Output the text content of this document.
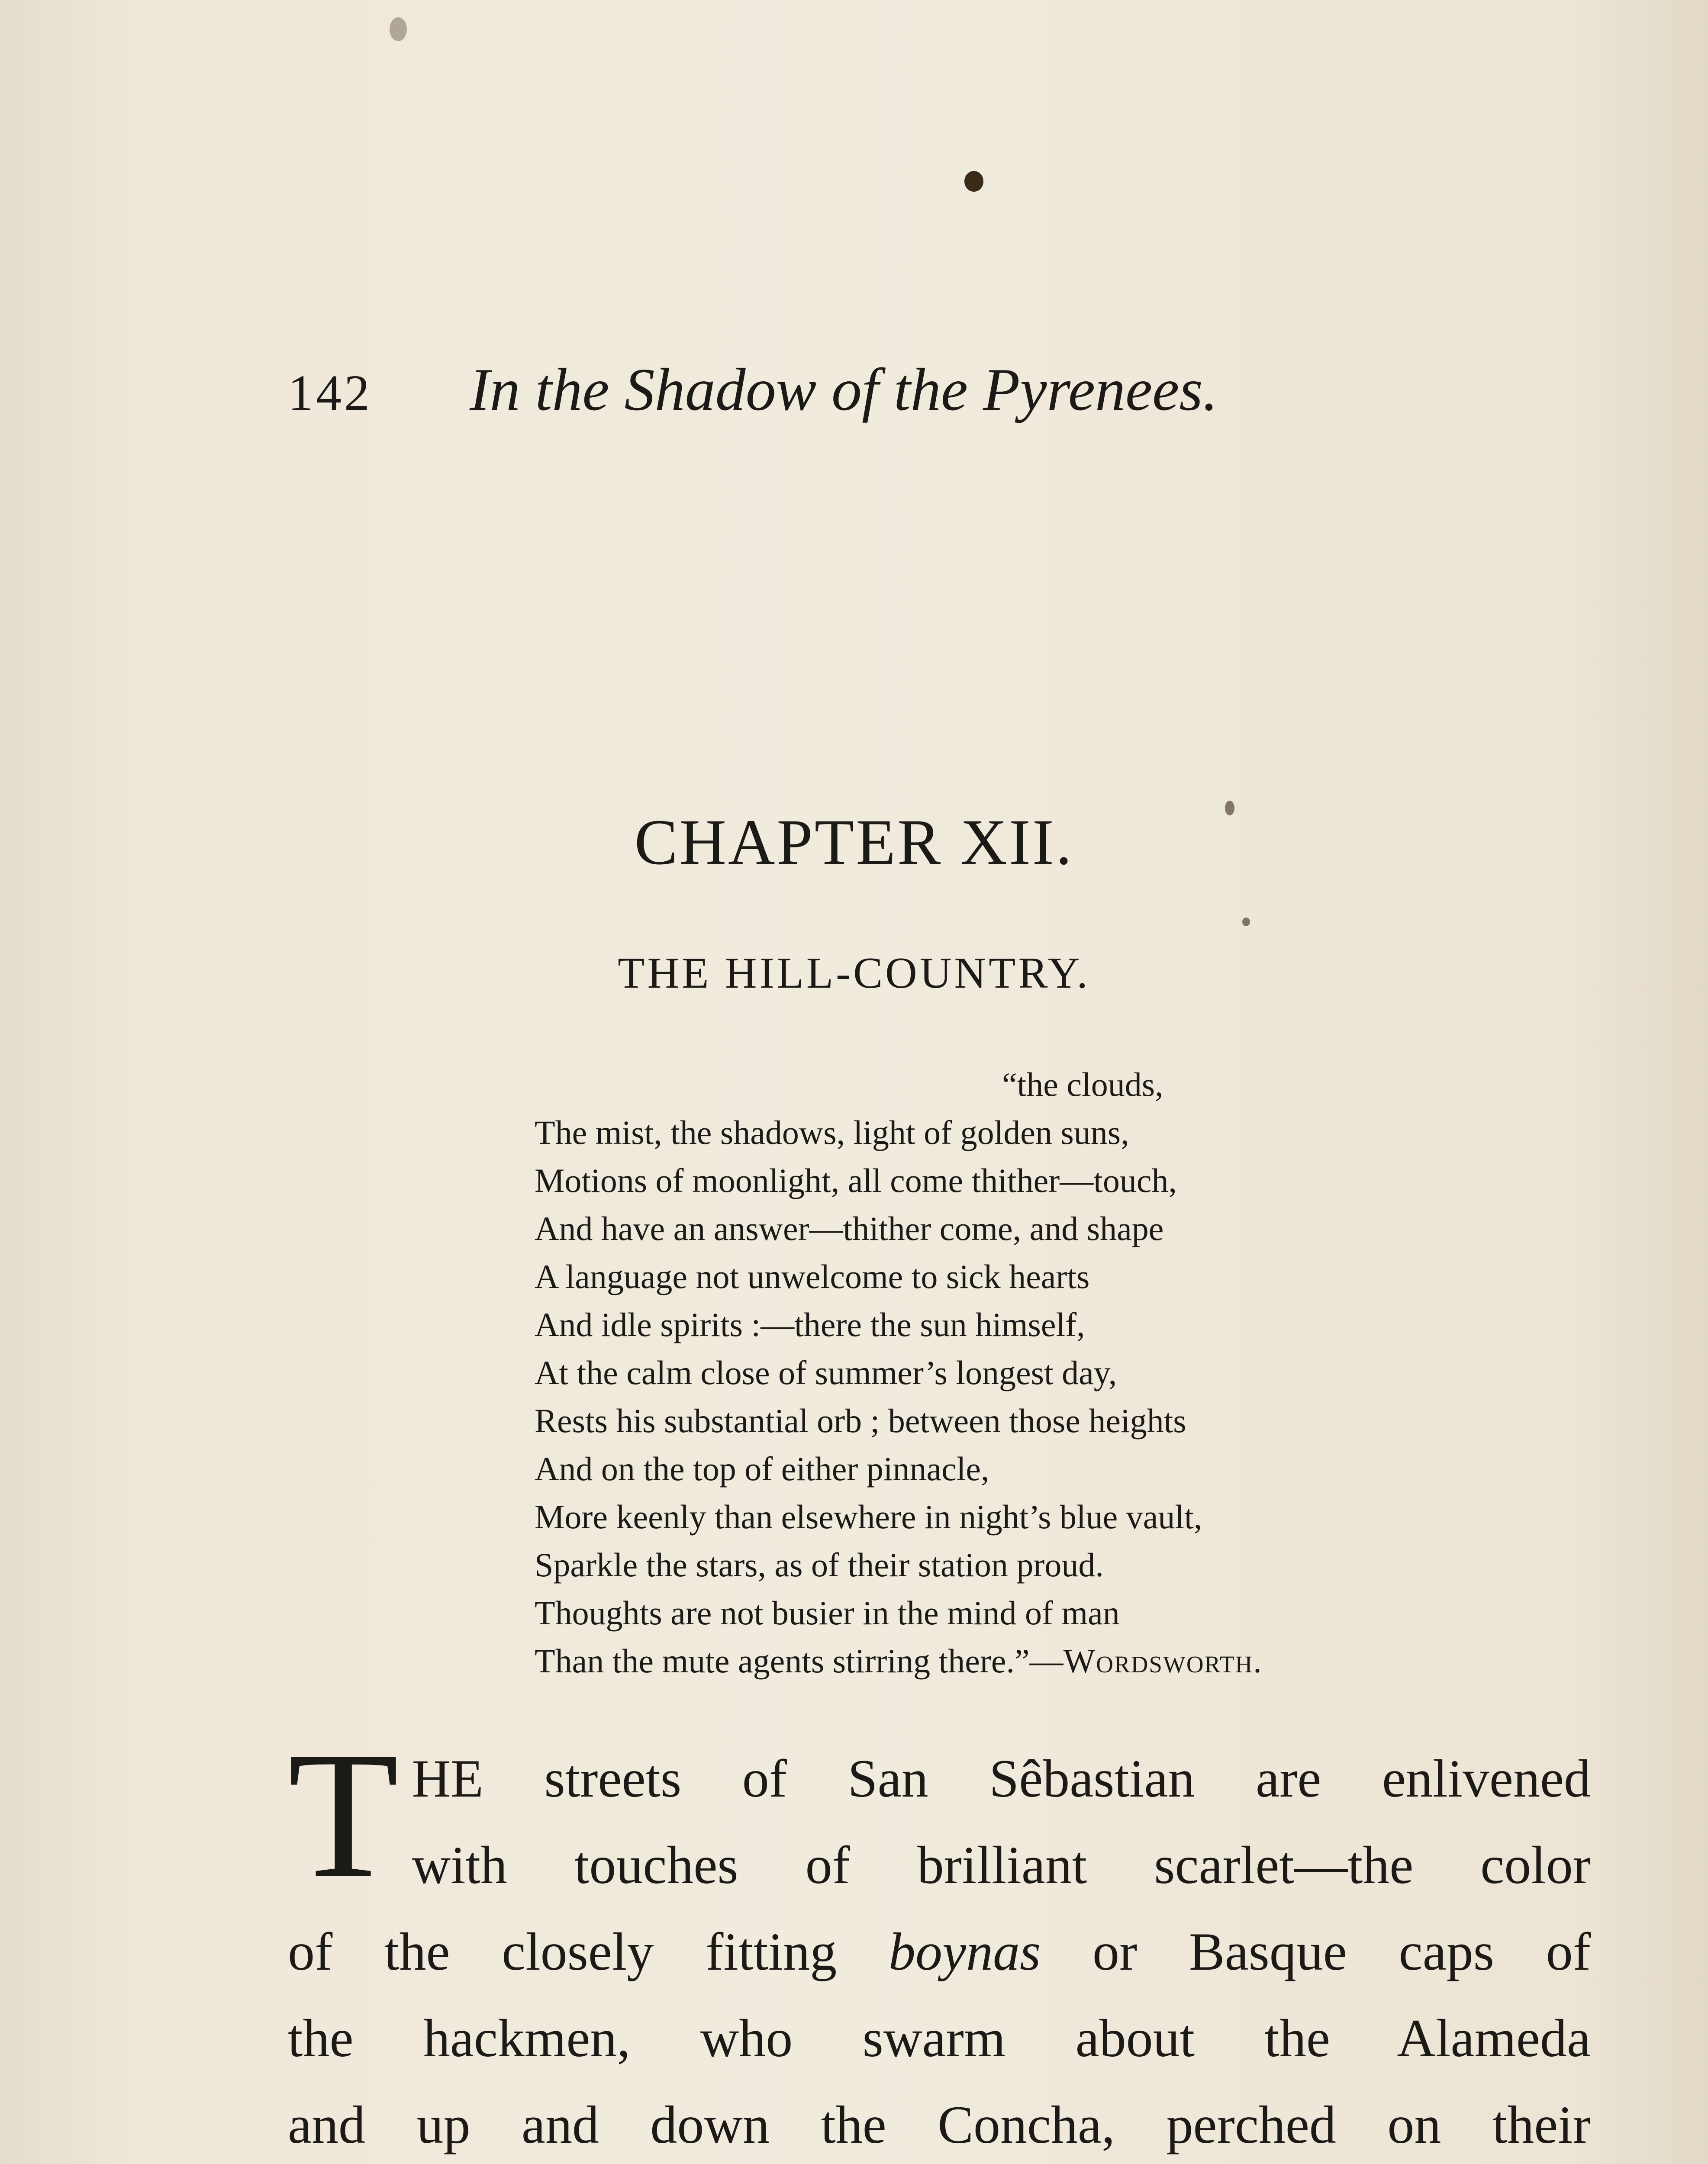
142 In the Shadow of the Pyrenees.
CHAPTER XII.
THE HILL-COUNTRY.
“the clouds,
The mist, the shadows, light of golden suns,
Motions of moonlight, all come thither—touch,
And have an answer—thither come, and shape
A language not unwelcome to sick hearts
And idle spirits :—there the sun himself,
At the calm close of summer’s longest day,
Rests his substantial orb ; between those heights
And on the top of either pinnacle,
More keenly than elsewhere in night’s blue vault,
Sparkle the stars, as of their station proud.
Thoughts are not busier in the mind of man
Than the mute agents stirring there.”—Wordsworth.
T HE streets of San Sêbastian are enlivened
with touches of brilliant scarlet—the color
of the closely fitting boynas or Basque caps of
the hackmen, who swarm about the Alameda
and up and down the Concha, perched on their
